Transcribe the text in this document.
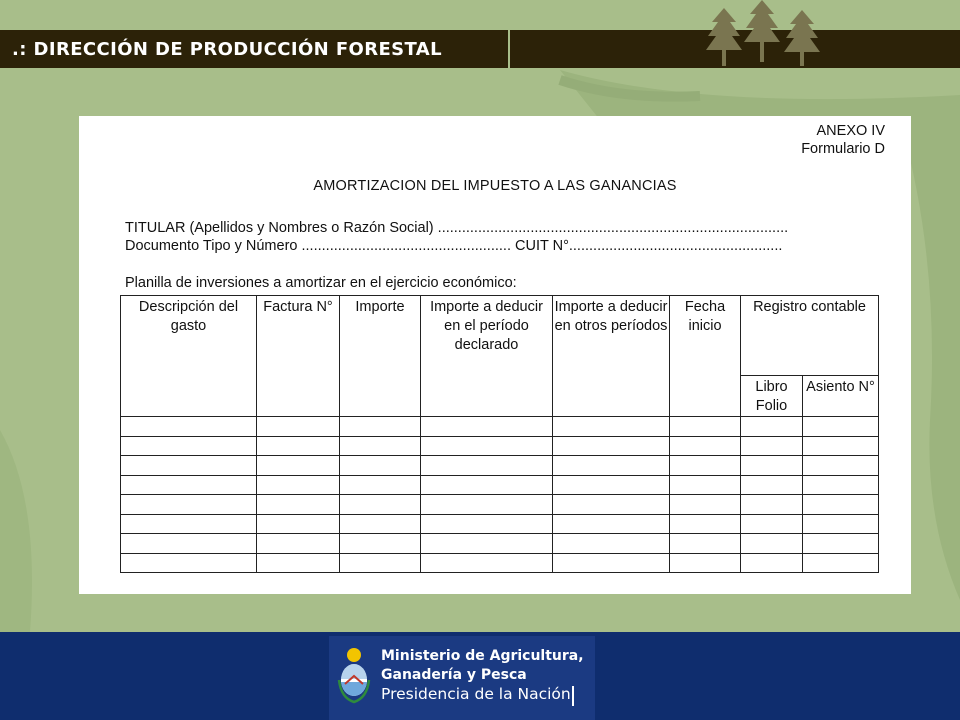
.: DIRECCIÓN DE PRODUCCIÓN FORESTAL
ANEXO IV
Formulario D
AMORTIZACION DEL IMPUESTO A LAS GANANCIAS
TITULAR (Apellidos y Nombres o Razón Social) .......................................................................................
Documento Tipo y Número .................................................... CUIT N°.....................................................
Planilla de inversiones a amortizar en el ejercicio económico:
Descripción del gasto	Factura N°	Importe	Importe a deducir en el período declarado	Importe a deducir en otros períodos	Fecha inicio	Registro contable	
						Libro Folio	Asiento N°

Ministerio de Agricultura,
Ganadería y Pesca
Presidencia de la Nación
